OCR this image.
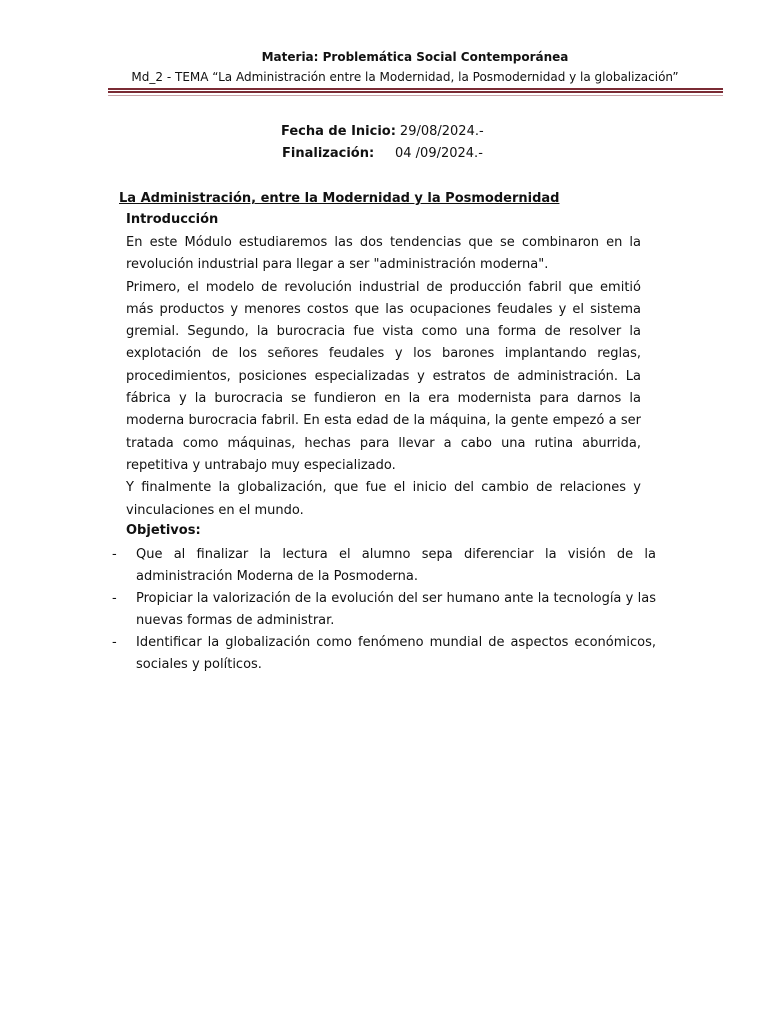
Materia: Problemática Social Contemporánea
Md_2 - TEMA “La Administración entre la Modernidad, la Posmodernidad y la globalización”
Fecha de Inicio: 29/08/2024.-
Finalización: 04 /09/2024.-
La Administración, entre la Modernidad y la Posmodernidad
Introducción

En este Módulo estudiaremos las dos tendencias que se combinaron en la revolución industrial para llegar a ser "administración moderna".

Primero, el modelo de revolución industrial de producción fabril que emitió más productos y menores costos que las ocupaciones feudales y el sistema gremial. Segundo, la burocracia fue vista como una forma de resolver la explotación de los señores feudales y los barones implantando reglas, procedimientos, posiciones especializadas y estratos de administración. La fábrica y la burocracia se fundieron en la era modernista para darnos la moderna burocracia fabril. En esta edad de la máquina, la gente empezó a ser tratada como máquinas, hechas para llevar a cabo una rutina aburrida, repetitiva y untrabajo muy especializado.

Y finalmente la globalización, que fue el inicio del cambio de relaciones y vinculaciones en el mundo.

Objetivos:
- Que al finalizar la lectura el alumno sepa diferenciar la visión de la administración Moderna de la Posmoderna.
- Propiciar la valorización de la evolución del ser humano ante la tecnología y las nuevas formas de administrar.
- Identificar la globalización como fenómeno mundial de aspectos económicos, sociales y políticos.
